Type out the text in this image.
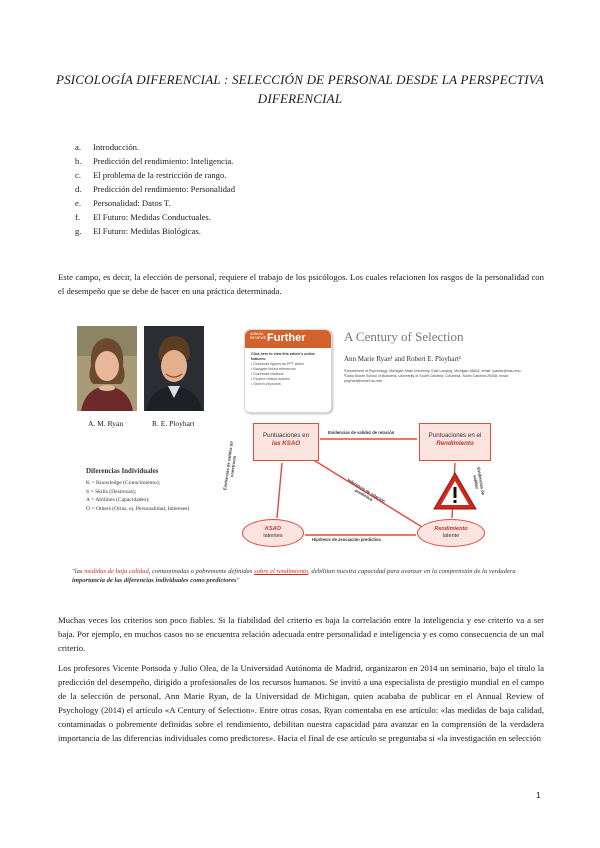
PSICOLOGÍA DIFERENCIAL : SELECCIÓN DE PERSONAL DESDE LA PERSPECTIVA DIFERENCIAL
a.	Introducción.
b.	Predicción del rendimiento: Inteligencia.
c.	El problema de la restricción de rango.
d.	Predicción del rendimiento: Personalidad
e.	Personalidad: Datos T.
f.	El Futuro: Medidas Conductuales.
g.	El Futuro: Medidas Biológicas.

Este campo, es decir, la elección de personal, requiere el trabajo de los psicólogos. Los cuales relacionen los rasgos de la personalidad con el desempeño que se debe de hacer en una práctica determinada.

A. M. Ryan	R. E. Ployhart
ANNUAL REVIEWS Further
Click here to view this article's online features:
• Download figures as PPT slides
• Navigate linked references
• Download citations
• Explore related articles
• Search keywords
A Century of Selection
Ann Marie Ryan¹ and Robert E. Ployhart²
¹Department of Psychology, Michigan State University, East Lansing, Michigan 48824; email: ryanan@msu.edu
²Darla Moore School of Business, University of South Carolina, Columbia, South Carolina 29208; email: ployhart@moore.sc.edu
Puntuaciones en
las KSAO
Puntuaciones en el
Rendimiento
KSAO
latentes
Rendimiento
latente
Evidencias de validez de relación
Hipótesis de asociación predictiva
Evidencias de validez de constructo
Inferencia de relación predictiva	Evidencias de validez
Diferencias Individuales
K = Knowledge (Conocimiento);
S = Skills (Destrezas);
A = Abilities (Capacidades);
O = Others (Otras, ej. Personalidad, Intereses)
"las medidas de baja calidad, contaminadas o pobremente definidas sobre el rendimiento, debilitan nuestra capacidad para avanzar en la comprensión de la verdadera importancia de las diferencias individuales como predictores"

Muchas veces los criterios son poco fiables. Si la fiabilidad del criterio es baja la correlación entre la inteligencia y ese criterio va a ser baja. Por ejemplo, en muchos casos no se encuentra relación adecuada entre personalidad e inteligencia y es como consecuencia de un mal criterio.

Los profesores Vicente Ponsoda y Julio Olea, de la Universidad Autónoma de Madrid, organizaron en 2014 un seminario, bajo el título la predicción del desempeño, dirigido a profesionales de los recursos humanos. Se invitó a una especialista de prestigio mundial en el campo de la selección de personal, Ann Marie Ryan, de la Universidad de Michigan, quien acababa de publicar en el Annual Review of Psychology (2014) el artículo «A Century of Selection». Entre otras cosas, Ryan comentaba en ese artículo: «las medidas de baja calidad, contaminadas o pobremente definidas sobre el rendimiento, debilitan nuestra capacidad para avanzar en la comprensión de la verdadera importancia de las diferencias individuales como predictores». Hacia el final de ese artículo se preguntaba si «la investigación en selección

1
